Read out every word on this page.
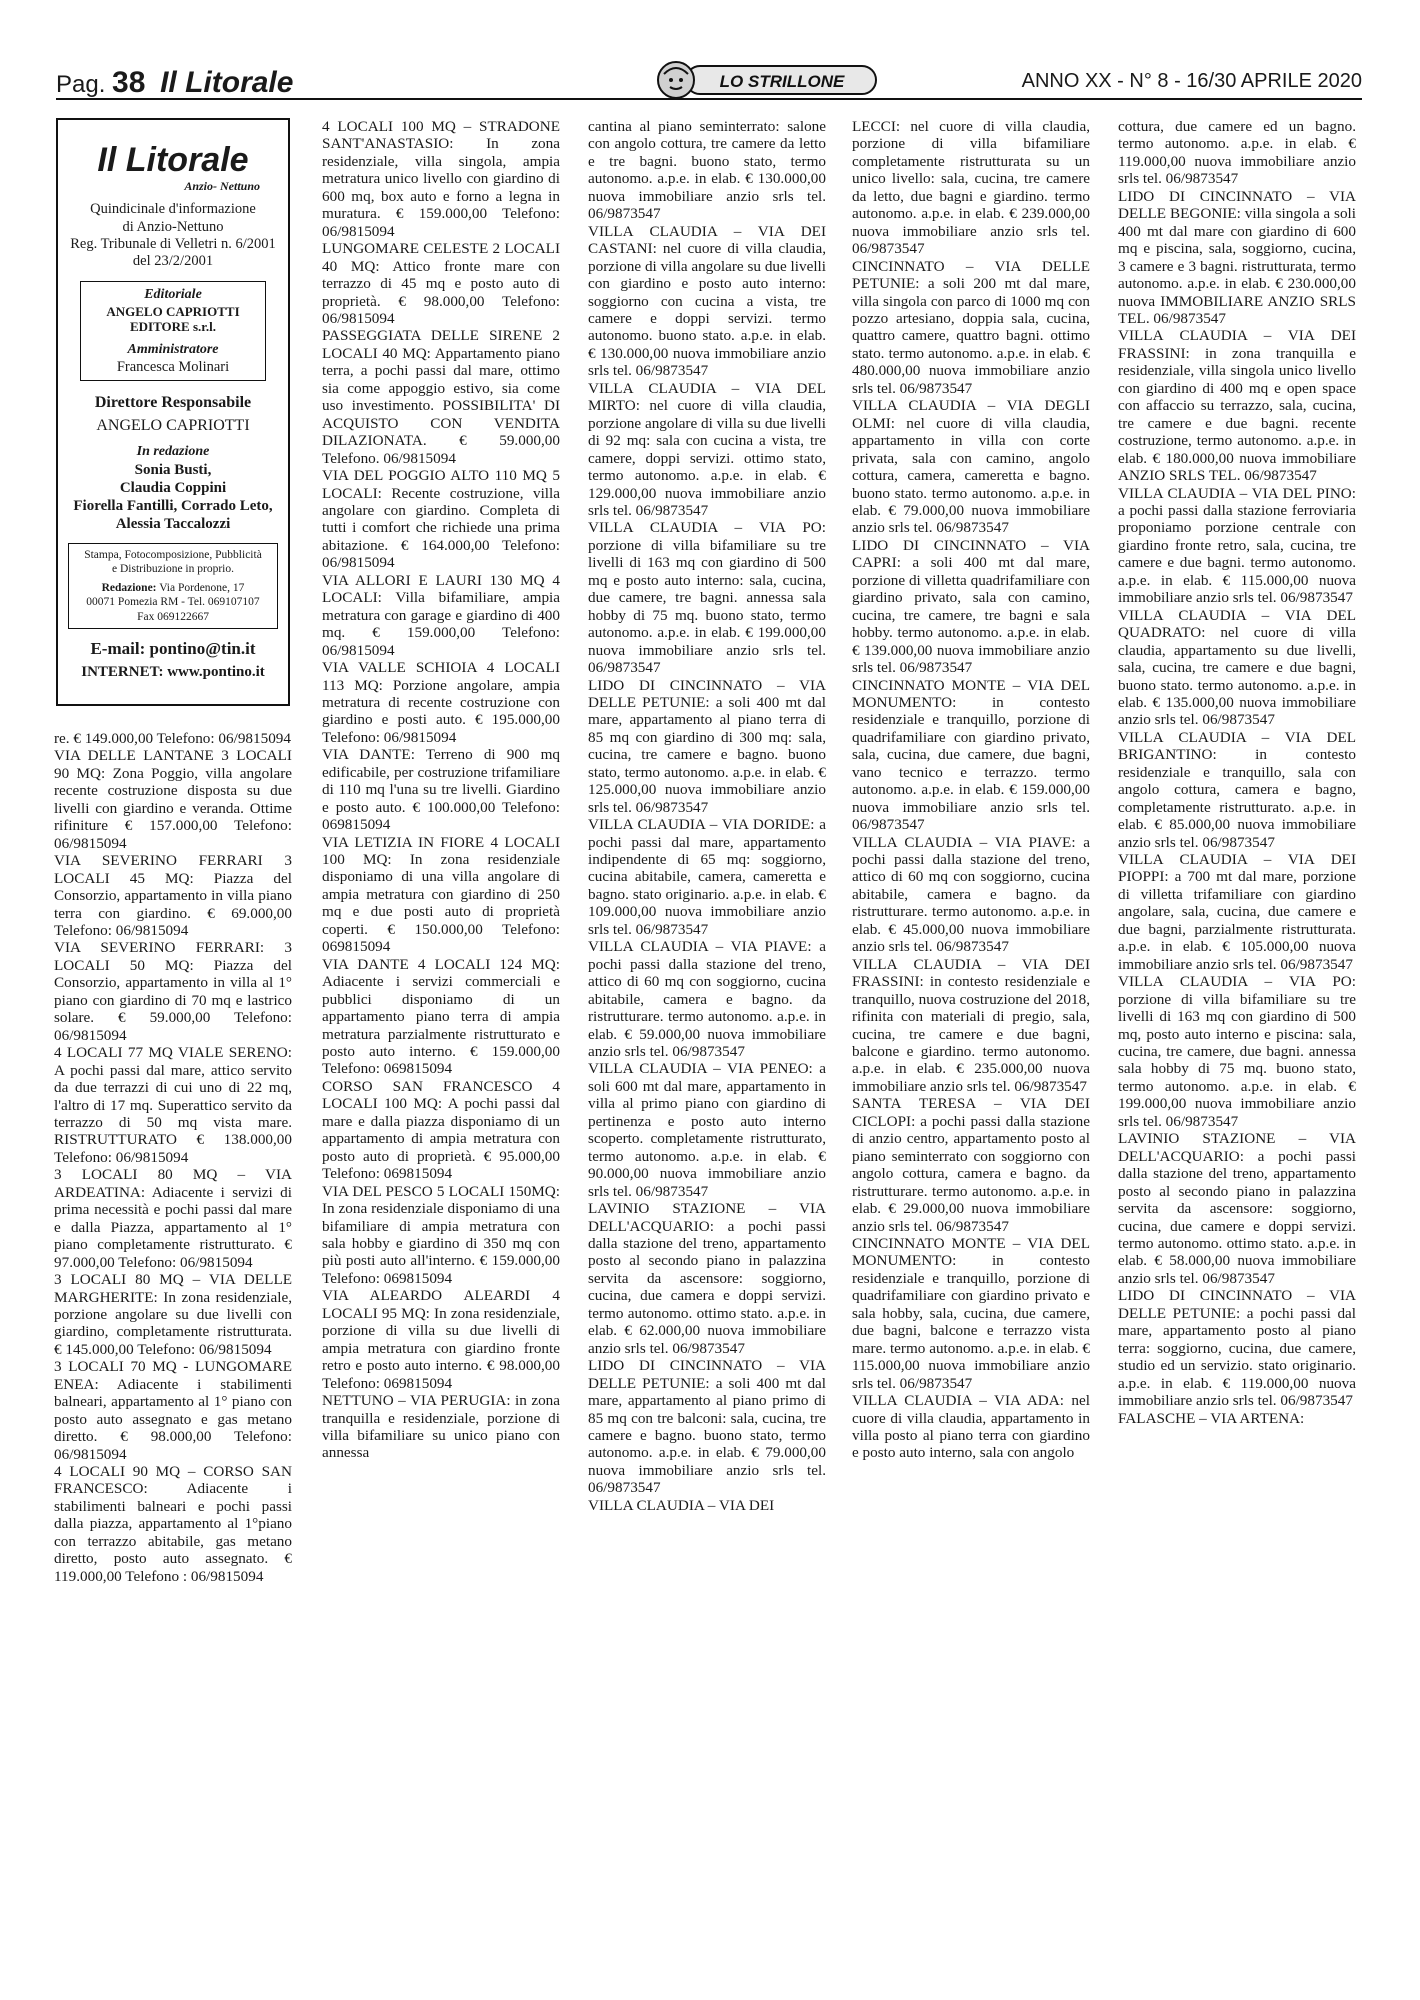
Pag. 38 Il Litorale	LO STRILLONE	ANNO XX - N° 8 - 16/30 APRILE 2020
Il Litorale
Anzio- Nettuno
Quindicinale d'informazione
di Anzio-Nettuno
Reg. Tribunale di Velletri n. 6/2001
del 23/2/2001
Editoriale
ANGELO CAPRIOTTI EDITORE s.r.l.
Amministratore
Francesca Molinari
Direttore Responsabile
ANGELO CAPRIOTTI
In redazione
Sonia Busti,
Claudia Coppini
Fiorella Fantilli, Corrado Leto,
Alessia Taccalozzi
Stampa, Fotocomposizione, Pubblicità
e Distribuzione in proprio.
Redazione: Via Pordenone, 17
00071 Pomezia RM - Tel. 069107107
Fax 069122667
E-mail: pontino@tin.it
INTERNET: www.pontino.it

re. € 149.000,00 Telefono: 06/9815094

VIA DELLE LANTANE 3 LOCALI 90 MQ: Zona Poggio, villa angolare recente costruzione disposta su due livelli con giardino e veranda. Ottime rifiniture € 157.000,00 Telefono: 06/9815094

VIA SEVERINO FERRARI 3 LOCALI 45 MQ: Piazza del Consorzio, appartamento in villa piano terra con giardino. € 69.000,00 Telefono: 06/9815094

VIA SEVERINO FERRARI: 3 LOCALI 50 MQ: Piazza del Consorzio, appartamento in villa al 1° piano con giardino di 70 mq e lastrico solare. € 59.000,00 Telefono: 06/9815094

4 LOCALI 77 MQ VIALE SERENO: A pochi passi dal mare, attico servito da due terrazzi di cui uno di 22 mq, l'altro di 17 mq. Superattico servito da terrazzo di 50 mq vista mare. RISTRUTTURATO € 138.000,00 Telefono: 06/9815094

3 LOCALI 80 MQ – VIA ARDEATINA: Adiacente i servizi di prima necessità e pochi passi dal mare e dalla Piazza, appartamento al 1° piano completamente ristrutturato. € 97.000,00 Telefono: 06/9815094

3 LOCALI 80 MQ – VIA DELLE MARGHERITE: In zona residenziale, porzione angolare su due livelli con giardino, completamente ristrutturata. € 145.000,00 Telefono: 06/9815094

3 LOCALI 70 MQ - LUNGOMARE ENEA: Adiacente i stabilimenti balneari, appartamento al 1° piano con posto auto assegnato e gas metano diretto. € 98.000,00 Telefono: 06/9815094

4 LOCALI 90 MQ – CORSO SAN FRANCESCO: Adiacente i stabilimenti balneari e pochi passi dalla piazza, appartamento al 1°piano con terrazzo abitabile, gas metano diretto, posto auto assegnato. € 119.000,00 Telefono : 06/9815094

4 LOCALI 100 MQ – STRADONE SANT'ANASTASIO: In zona residenziale, villa singola, ampia metratura unico livello con giardino di 600 mq, box auto e forno a legna in muratura. € 159.000,00 Telefono: 06/9815094

LUNGOMARE CELESTE 2 LOCALI 40 MQ: Attico fronte mare con terrazzo di 45 mq e posto auto di proprietà. € 98.000,00 Telefono: 06/9815094

PASSEGGIATA DELLE SIRENE 2 LOCALI 40 MQ: Appartamento piano terra, a pochi passi dal mare, ottimo sia come appoggio estivo, sia come uso investimento. POSSIBILITA' DI ACQUISTO CON VENDITA DILAZIONATA. € 59.000,00 Telefono. 06/9815094

VIA DEL POGGIO ALTO 110 MQ 5 LOCALI: Recente costruzione, villa angolare con giardino. Completa di tutti i comfort che richiede una prima abitazione. € 164.000,00 Telefono: 06/9815094

VIA ALLORI E LAURI 130 MQ 4 LOCALI: Villa bifamiliare, ampia metratura con garage e giardino di 400 mq. € 159.000,00 Telefono: 06/9815094

VIA VALLE SCHIOIA 4 LOCALI 113 MQ: Porzione angolare, ampia metratura di recente costruzione con giardino e posti auto. € 195.000,00 Telefono: 06/9815094

VIA DANTE: Terreno di 900 mq edificabile, per costruzione trifamiliare di 110 mq l'una su tre livelli. Giardino e posto auto. € 100.000,00 Telefono: 069815094

VIA LETIZIA IN FIORE 4 LOCALI 100 MQ: In zona residenziale disponiamo di una villa angolare di ampia metratura con giardino di 250 mq e due posti auto di proprietà coperti. € 150.000,00 Telefono: 069815094

VIA DANTE 4 LOCALI 124 MQ: Adiacente i servizi commerciali e pubblici disponiamo di un appartamento piano terra di ampia metratura parzialmente ristrutturato e posto auto interno. € 159.000,00 Telefono: 069815094

CORSO SAN FRANCESCO 4 LOCALI 100 MQ: A pochi passi dal mare e dalla piazza disponiamo di un appartamento di ampia metratura con posto auto di proprietà. € 95.000,00 Telefono: 069815094

VIA DEL PESCO 5 LOCALI 150MQ: In zona residenziale disponiamo di una bifamiliare di ampia metratura con sala hobby e giardino di 350 mq con più posti auto all'interno. € 159.000,00 Telefono: 069815094

VIA ALEARDO ALEARDI 4 LOCALI 95 MQ: In zona residenziale, porzione di villa su due livelli di ampia metratura con giardino fronte retro e posto auto interno. € 98.000,00 Telefono: 069815094

NETTUNO – VIA PERUGIA: in zona tranquilla e residenziale, porzione di villa bifamiliare su unico piano con annessa

cantina al piano seminterrato: salone con angolo cottura, tre camere da letto e tre bagni. buono stato, termo autonomo. a.p.e. in elab. € 130.000,00 nuova immobiliare anzio srls tel. 06/9873547

VILLA CLAUDIA – VIA DEI CASTANI: nel cuore di villa claudia, porzione di villa angolare su due livelli con giardino e posto auto interno: soggiorno con cucina a vista, tre camere e doppi servizi. termo autonomo. buono stato. a.p.e. in elab. € 130.000,00 nuova immobiliare anzio srls tel. 06/9873547

VILLA CLAUDIA – VIA DEL MIRTO: nel cuore di villa claudia, porzione angolare di villa su due livelli di 92 mq: sala con cucina a vista, tre camere, doppi servizi. ottimo stato, termo autonomo. a.p.e. in elab. € 129.000,00 nuova immobiliare anzio srls tel. 06/9873547

VILLA CLAUDIA – VIA PO: porzione di villa bifamiliare su tre livelli di 163 mq con giardino di 500 mq e posto auto interno: sala, cucina, due camere, tre bagni. annessa sala hobby di 75 mq. buono stato, termo autonomo. a.p.e. in elab. € 199.000,00 nuova immobiliare anzio srls tel. 06/9873547

LIDO DI CINCINNATO – VIA DELLE PETUNIE: a soli 400 mt dal mare, appartamento al piano terra di 85 mq con giardino di 300 mq: sala, cucina, tre camere e bagno. buono stato, termo autonomo. a.p.e. in elab. € 125.000,00 nuova immobiliare anzio srls tel. 06/9873547

VILLA CLAUDIA – VIA DORIDE: a pochi passi dal mare, appartamento indipendente di 65 mq: soggiorno, cucina abitabile, camera, cameretta e bagno. stato originario. a.p.e. in elab. € 109.000,00 nuova immobiliare anzio srls tel. 06/9873547

VILLA CLAUDIA – VIA PIAVE: a pochi passi dalla stazione del treno, attico di 60 mq con soggiorno, cucina abitabile, camera e bagno. da ristrutturare. termo autonomo. a.p.e. in elab. € 59.000,00 nuova immobiliare anzio srls tel. 06/9873547

VILLA CLAUDIA – VIA PENEO: a soli 600 mt dal mare, appartamento in villa al primo piano con giardino di pertinenza e posto auto interno scoperto. completamente ristrutturato, termo autonomo. a.p.e. in elab. € 90.000,00 nuova immobiliare anzio srls tel. 06/9873547

LAVINIO STAZIONE – VIA DELL'ACQUARIO: a pochi passi dalla stazione del treno, appartamento posto al secondo piano in palazzina servita da ascensore: soggiorno, cucina, due camera e doppi servizi. termo autonomo. ottimo stato. a.p.e. in elab. € 62.000,00 nuova immobiliare anzio srls tel. 06/9873547

LIDO DI CINCINNATO – VIA DELLE PETUNIE: a soli 400 mt dal mare, appartamento al piano primo di 85 mq con tre balconi: sala, cucina, tre camere e bagno. buono stato, termo autonomo. a.p.e. in elab. € 79.000,00 nuova immobiliare anzio srls tel. 06/9873547

VILLA CLAUDIA – VIA DEI

LECCI: nel cuore di villa claudia, porzione di villa bifamiliare completamente ristrutturata su un unico livello: sala, cucina, tre camere da letto, due bagni e giardino. termo autonomo. a.p.e. in elab. € 239.000,00 nuova immobiliare anzio srls tel. 06/9873547

CINCINNATO – VIA DELLE PETUNIE: a soli 200 mt dal mare, villa singola con parco di 1000 mq con pozzo artesiano, doppia sala, cucina, quattro camere, quattro bagni. ottimo stato. termo autonomo. a.p.e. in elab. € 480.000,00 nuova immobiliare anzio srls tel. 06/9873547

VILLA CLAUDIA – VIA DEGLI OLMI: nel cuore di villa claudia, appartamento in villa con corte privata, sala con camino, angolo cottura, camera, cameretta e bagno. buono stato. termo autonomo. a.p.e. in elab. € 79.000,00 nuova immobiliare anzio srls tel. 06/9873547

LIDO DI CINCINNATO – VIA CAPRI: a soli 400 mt dal mare, porzione di villetta quadrifamiliare con giardino privato, sala con camino, cucina, tre camere, tre bagni e sala hobby. termo autonomo. a.p.e. in elab. € 139.000,00 nuova immobiliare anzio srls tel. 06/9873547

CINCINNATO MONTE – VIA DEL MONUMENTO: in contesto residenziale e tranquillo, porzione di quadrifamiliare con giardino privato, sala, cucina, due camere, due bagni, vano tecnico e terrazzo. termo autonomo. a.p.e. in elab. € 159.000,00 nuova immobiliare anzio srls tel. 06/9873547

VILLA CLAUDIA – VIA PIAVE: a pochi passi dalla stazione del treno, attico di 60 mq con soggiorno, cucina abitabile, camera e bagno. da ristrutturare. termo autonomo. a.p.e. in elab. € 45.000,00 nuova immobiliare anzio srls tel. 06/9873547

VILLA CLAUDIA – VIA DEI FRASSINI: in contesto residenziale e tranquillo, nuova costruzione del 2018, rifinita con materiali di pregio, sala, cucina, tre camere e due bagni, balcone e giardino. termo autonomo. a.p.e. in elab. € 235.000,00 nuova immobiliare anzio srls tel. 06/9873547

SANTA TERESA – VIA DEI CICLOPI: a pochi passi dalla stazione di anzio centro, appartamento posto al piano seminterrato con soggiorno con angolo cottura, camera e bagno. da ristrutturare. termo autonomo. a.p.e. in elab. € 29.000,00 nuova immobiliare anzio srls tel. 06/9873547

CINCINNATO MONTE – VIA DEL MONUMENTO: in contesto residenziale e tranquillo, porzione di quadrifamiliare con giardino privato e sala hobby, sala, cucina, due camere, due bagni, balcone e terrazzo vista mare. termo autonomo. a.p.e. in elab. € 115.000,00 nuova immobiliare anzio srls tel. 06/9873547

VILLA CLAUDIA – VIA ADA: nel cuore di villa claudia, appartamento in villa posto al piano terra con giardino e posto auto interno, sala con angolo

cottura, due camere ed un bagno. termo autonomo. a.p.e. in elab. € 119.000,00 nuova immobiliare anzio srls tel. 06/9873547

LIDO DI CINCINNATO – VIA DELLE BEGONIE: villa singola a soli 400 mt dal mare con giardino di 600 mq e piscina, sala, soggiorno, cucina, 3 camere e 3 bagni. ristrutturata, termo autonomo. a.p.e. in elab. € 230.000,00 nuova IMMOBILIARE ANZIO SRLS TEL. 06/9873547

VILLA CLAUDIA – VIA DEI FRASSINI: in zona tranquilla e residenziale, villa singola unico livello con giardino di 400 mq e open space con affaccio su terrazzo, sala, cucina, tre camere e due bagni. recente costruzione, termo autonomo. a.p.e. in elab. € 180.000,00 nuova immobiliare ANZIO SRLS TEL. 06/9873547

VILLA CLAUDIA – VIA DEL PINO: a pochi passi dalla stazione ferroviaria proponiamo porzione centrale con giardino fronte retro, sala, cucina, tre camere e due bagni. termo autonomo. a.p.e. in elab. € 115.000,00 nuova immobiliare anzio srls tel. 06/9873547

VILLA CLAUDIA – VIA DEL QUADRATO: nel cuore di villa claudia, appartamento su due livelli, sala, cucina, tre camere e due bagni, buono stato. termo autonomo. a.p.e. in elab. € 135.000,00 nuova immobiliare anzio srls tel. 06/9873547

VILLA CLAUDIA – VIA DEL BRIGANTINO: in contesto residenziale e tranquillo, sala con angolo cottura, camera e bagno, completamente ristrutturato. a.p.e. in elab. € 85.000,00 nuova immobiliare anzio srls tel. 06/9873547

VILLA CLAUDIA – VIA DEI PIOPPI: a 700 mt dal mare, porzione di villetta trifamiliare con giardino angolare, sala, cucina, due camere e due bagni, parzialmente ristrutturata. a.p.e. in elab. € 105.000,00 nuova immobiliare anzio srls tel. 06/9873547

VILLA CLAUDIA – VIA PO: porzione di villa bifamiliare su tre livelli di 163 mq con giardino di 500 mq, posto auto interno e piscina: sala, cucina, tre camere, due bagni. annessa sala hobby di 75 mq. buono stato, termo autonomo. a.p.e. in elab. € 199.000,00 nuova immobiliare anzio srls tel. 06/9873547

LAVINIO STAZIONE – VIA DELL'ACQUARIO: a pochi passi dalla stazione del treno, appartamento posto al secondo piano in palazzina servita da ascensore: soggiorno, cucina, due camere e doppi servizi. termo autonomo. ottimo stato. a.p.e. in elab. € 58.000,00 nuova immobiliare anzio srls tel. 06/9873547

LIDO DI CINCINNATO – VIA DELLE PETUNIE: a pochi passi dal mare, appartamento posto al piano terra: soggiorno, cucina, due camere, studio ed un servizio. stato originario. a.p.e. in elab. € 119.000,00 nuova immobiliare anzio srls tel. 06/9873547

FALASCHE – VIA ARTENA:
